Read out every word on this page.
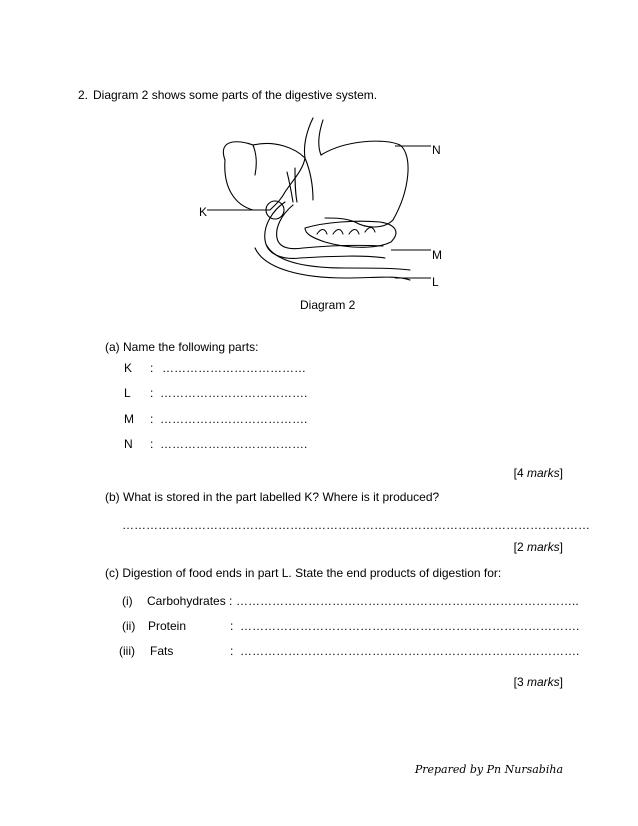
2. Diagram 2 shows some parts of the digestive system.
N
K
M
L
Diagram 2
(a) Name the following parts:
K : ………………………………
L : ……………………………….
M : ……………………………….
N : ……………………………….
[4 marks]
(b) What is stored in the part labelled K? Where is it produced?
………………………………………………………………………………………………………
[2 marks]
(c) Digestion of food ends in part L. State the end products of digestion for:
(i) Carbohydrates : …………………………………………………………………………..
(ii) Protein	: ………………………………………………………………………….
(iii) Fats	: ………………………………………………………………………….
[3 marks]
Prepared by Pn Nursabiha
